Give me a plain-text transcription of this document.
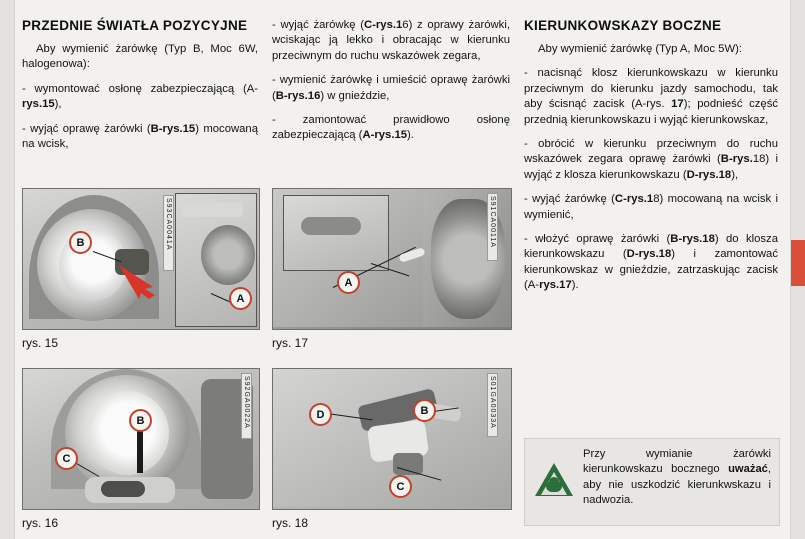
PRZEDNIE ŚWIATŁA POZYCYJNE

Aby wymienić żarówkę (Typ B, Moc 6W, halogenowa):

- wymontować osłonę zabezpieczającą (A-rys.15),

- wyjąć oprawę żarówki (B-rys.15) mocowaną na wcisk,

- wyjąć żarówkę (C-rys.16) z oprawy żarówki, wciskając ją lekko i obracając w kierunku przeciwnym do ruchu wskazówek zegara,

- wymienić żarówkę i umieścić oprawę żarówki (B-rys.16) w gnieździe,

- zamontować prawidłowo osłonę zabezpieczającą (A-rys.15).

KIERUNKOWSKAZY BOCZNE

Aby wymienić żarówkę (Typ A, Moc 5W):

- nacisnąć klosz kierunkowskazu w kierunku przeciwnym do kierunku jazdy samochodu, tak aby ścisnąć zacisk (A-rys. 17); podnieść część przednią kierunkowskazu i wyjąć kierunkowskaz,

- obrócić w kierunku przeciwnym do ruchu wskazówek zegara oprawę żarówki (B-rys.18) i wyjąć z klosza kierunkowskazu (D-rys.18),

- wyjąć żarówkę (C-rys.18) mocowaną na wcisk i wymienić,

- włożyć oprawę żarówki (B-rys.18) do klosza kierunkowskazu (D-rys.18) i zamontować kierunkowskaz w gnieździe, zatrzaskując zacisk (A-rys.17).

S93CA0041A
B
A
rys. 15
S92GA0022A
B
C
rys. 16
S91CA0011A
A
rys. 17
S01GA0033A
D	B
C
rys. 18
Przy wymianie żarówki kierunkowskazu bocznego uważać, aby nie uszkodzić kierunkwskazu i nadwozia.
